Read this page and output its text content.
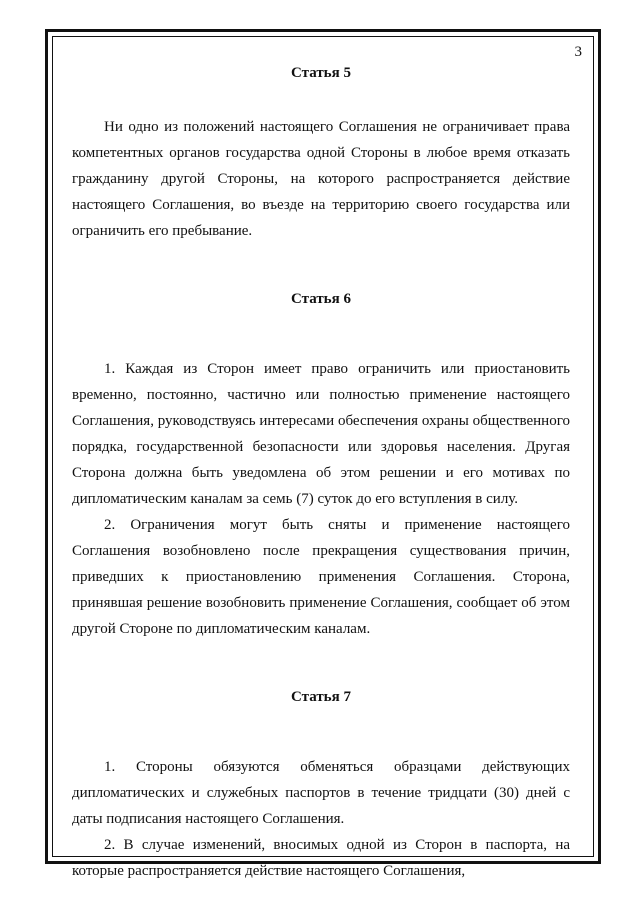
3

Статья 5

Ни одно из положений настоящего Соглашения не ограничивает права компетентных органов государства одной Стороны в любое время отказать гражданину другой Стороны, на которого распространяется действие настоящего Соглашения, во въезде на территорию своего государства или ограничить его пребывание.

Статья 6

1. Каждая из Сторон имеет право ограничить или приостановить временно, постоянно, частично или полностью применение настоящего Соглашения, руководствуясь интересами обеспечения охраны общественного порядка, государственной безопасности или здоровья населения. Другая Сторона должна быть уведомлена об этом решении и его мотивах по дипломатическим каналам за семь (7) суток до его вступления в силу.

2. Ограничения могут быть сняты и применение настоящего Соглашения возобновлено после прекращения существования причин, приведших к приостановлению применения Соглашения. Сторона, принявшая решение возобновить применение Соглашения, сообщает об этом другой Стороне по дипломатическим каналам.

Статья 7

1. Стороны обязуются обменяться образцами действующих дипломатических и служебных паспортов в течение тридцати (30) дней с даты подписания настоящего Соглашения.

2. В случае изменений, вносимых одной из Сторон в паспорта, на которые распространяется действие настоящего Соглашения,
